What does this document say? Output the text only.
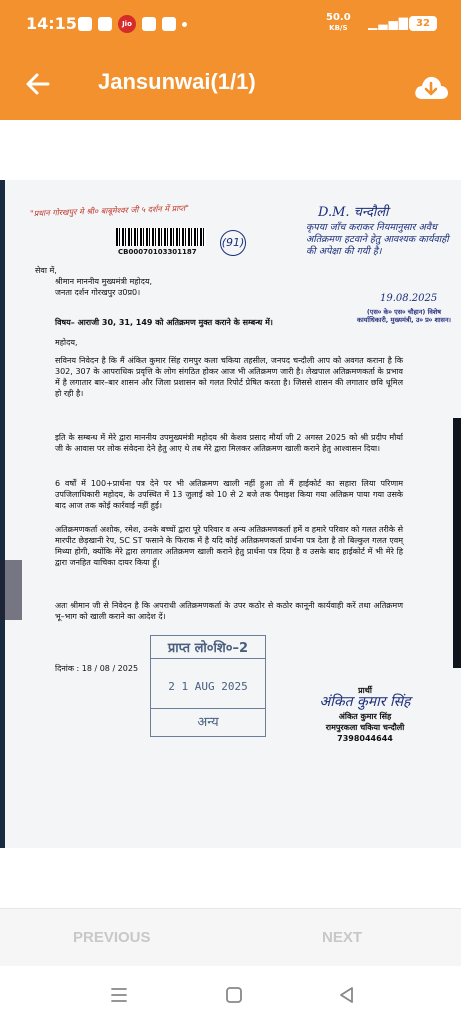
14:15	Jio
50.0
KB/S ▁▃▅▇ 32
Jansunwai(1/1)
"प्रधान गोरखपुर मे श्री० बाबूमेश्वर जी ५ दर्शन में प्राप्त"
CB00070103301187
(91)
D.M. चन्दौली
कृपया जाँच कराकर नियमानुसार अवैध अतिक्रमण हटवाने हेतु आवश्यक कार्यवाही की अपेक्षा की गयी है।
19.08.2025
(एस० के० एस० चौहान) विशेष कार्याधिकारी, मुख्यमंत्री, उ० प्र० शासन।
सेवा में,
श्रीमान माननीय मुख्यमंत्री महोदय,
जनता दर्शन गोरखपुर उ0प्र0।
विषय– आराजी 30, 31, 149 को अतिक्रमण मुक्त कराने के सम्बन्ध में।
महोदय,
सविनय निवेदन है कि मैं अंकित कुमार सिंह रामपुर कला चकिया तहसील, जनपद चन्दौली आप को अवगत कराना है कि 302, 307 के आपराधिक प्रवृत्ति के लोग संगठित होकर आज भी अतिक्रमण जारी है। लेखपाल अतिक्रमणकर्ता के प्रभाव में है लगातार बार–बार शासन और जिला प्रशासन को गलत रिपोर्ट प्रेषित करता है। जिससे शासन की लगातार छवि धूमिल हो रही है।
इति के सम्बन्ध में मेरे द्वारा माननीय उपमुख्यमंत्री महोदय श्री केशव प्रसाद मौर्या जी 2 अगस्त 2025 को श्री प्रदीप मौर्या जी के आवास पर लोक संवेदना देने हेतु आए थे तब मेरे द्वारा मिलकर अतिक्रमण खाली कराने हेतु आश्वासन दिया।
6 वर्षों में 100+प्रार्थना पत्र देने पर भी अतिक्रमण खाली नहीं हुआ तो मैं हाईकोर्ट का सहारा लिया परिणाम उपजिलाधिकारी महोदय, के उपस्थित में 13 जुलाई को 10 से 2 बजे तक पैमाइश किया गया अतिक्रम पाया गया उसके बाद आज तक कोई कार्रवाई नहीं हुई।
अतिक्रमणकर्ता अशोक, रमेश, उनके बच्चों द्वारा पूरे परिवार व अन्य अतिक्रमणकर्ता हमें व हमारे परिवार को गलत तरीके से मारपीट छेड़खानी रेप, SC ST फसाने के फिराक में है यदि कोई अतिक्रमणकर्ता प्रार्थना पत्र देता है तो बिल्कुल गलत एवम् मिथ्या होगी, क्योंकि मेरे द्वारा लगातार अतिक्रमण खाली कराने हेतु प्रार्थना पत्र दिया है व उसके बाद हाईकोर्ट में भी मेरे हि द्वारा जनहित याचिका दायर किया हूँ।
अतः श्रीमान जी से निवेदन है कि अपराधी अतिक्रमणकर्ता के उपर कठोर से कठोर कानूनी कार्यवाही करें तथा अतिक्रमण भू–भाग को खाली कराने का आदेश दें।
दिनांक : 18 / 08 / 2025
प्राप्त लो०शि०–2
2 1 AUG 2025
अन्य
प्रार्थी
अंकित कुमार सिंह
अंकित कुमार सिंह
रामपुरकला चकिया चन्दौली
7398044644
PREVIOUS	NEXT
